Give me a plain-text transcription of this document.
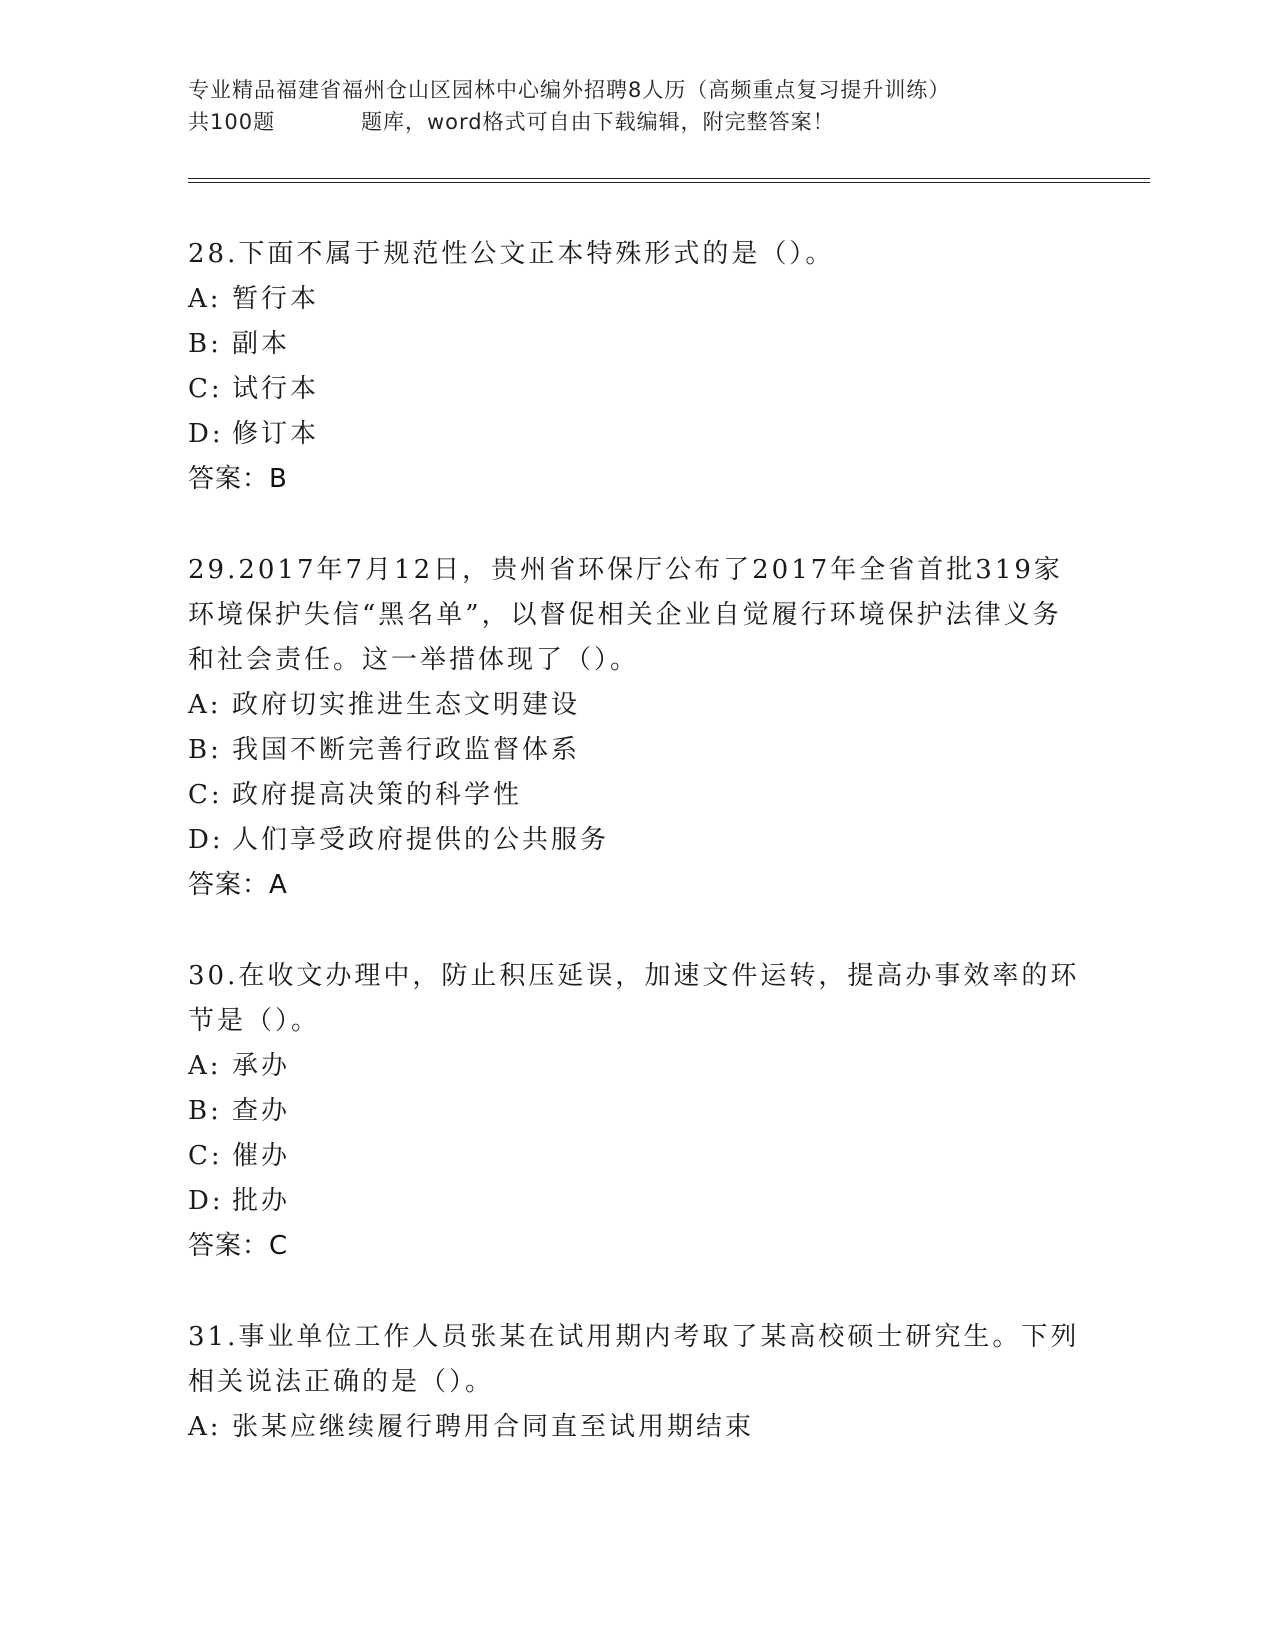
专业精品福建省福州仓山区园林中心编外招聘8人历（高频重点复习提升训练）
共100题	题库，word格式可自由下载编辑，附完整答案！

28.下面不属于规范性公文正本特殊形式的是（）。

A: 暂行本
B: 副本
C: 试行本
D: 修订本
答案：B

29.2017年7月12日，贵州省环保厅公布了2017年全省首批319家环境保护失信“黑名单”，以督促相关企业自觉履行环境保护法律义务和社会责任。这一举措体现了（）。

A: 政府切实推进生态文明建设
B: 我国不断完善行政监督体系
C: 政府提高决策的科学性
D: 人们享受政府提供的公共服务
答案：A

30.在收文办理中，防止积压延误，加速文件运转，提高办事效率的环节是（）。

A: 承办
B: 查办
C: 催办
D: 批办
答案：C

31.事业单位工作人员张某在试用期内考取了某高校硕士研究生。下列相关说法正确的是（）。

A: 张某应继续履行聘用合同直至试用期结束
